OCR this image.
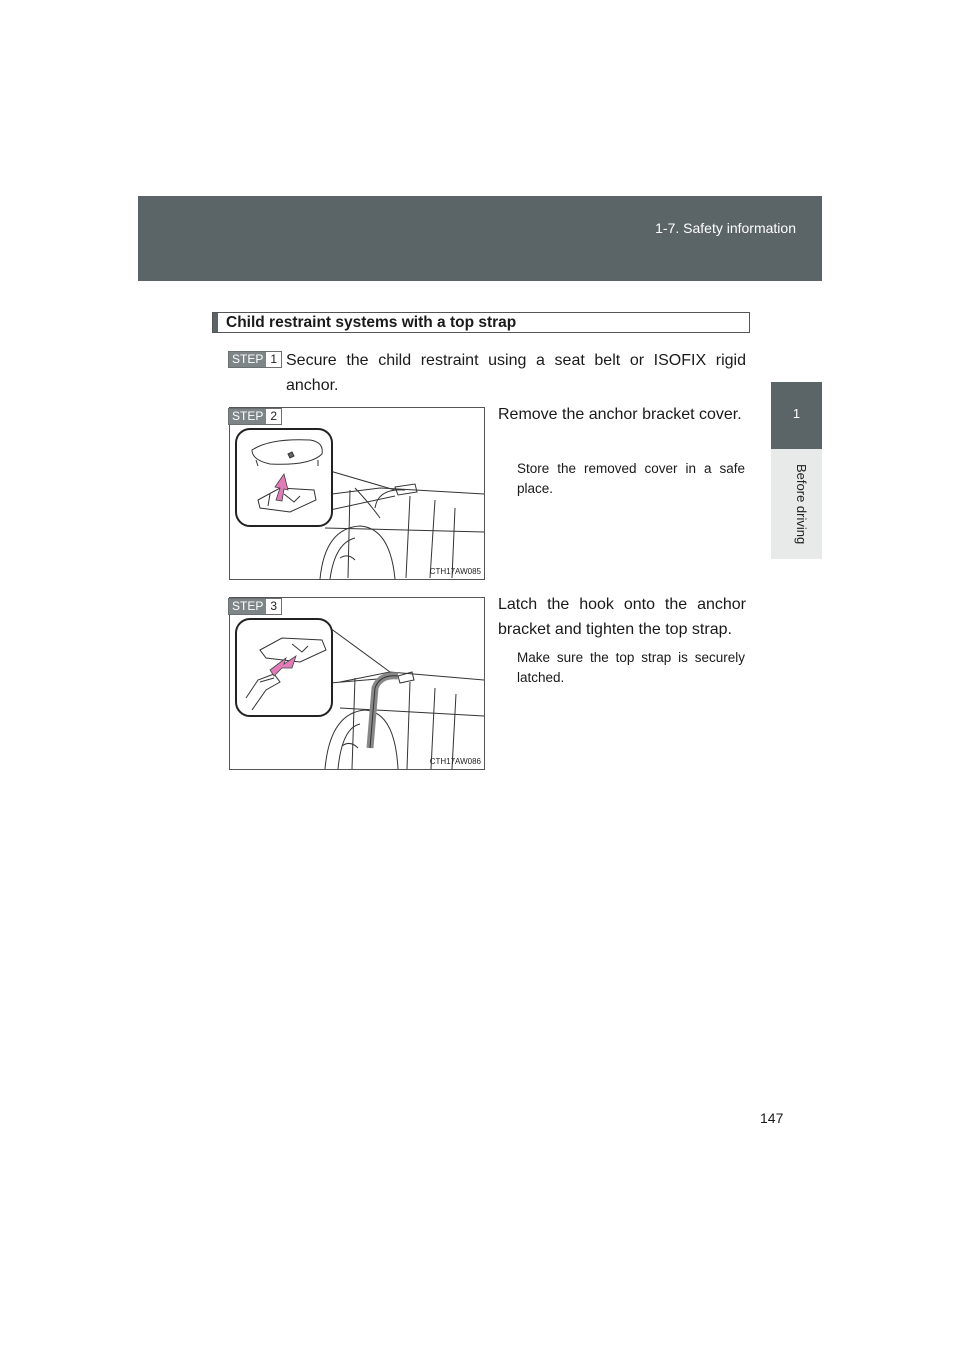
1-7. Safety information
1
Before driving
Child restraint systems with a top strap
STEP 1 Secure the child restraint using a seat belt or ISOFIX rigid anchor.
CTH17AW085
STEP 2	Remove the anchor bracket cover.
Store the removed cover in a safe place.
CTH17AW086
STEP 3	Latch the hook onto the anchor bracket and tighten the top strap.
Make sure the top strap is securely latched.
147
